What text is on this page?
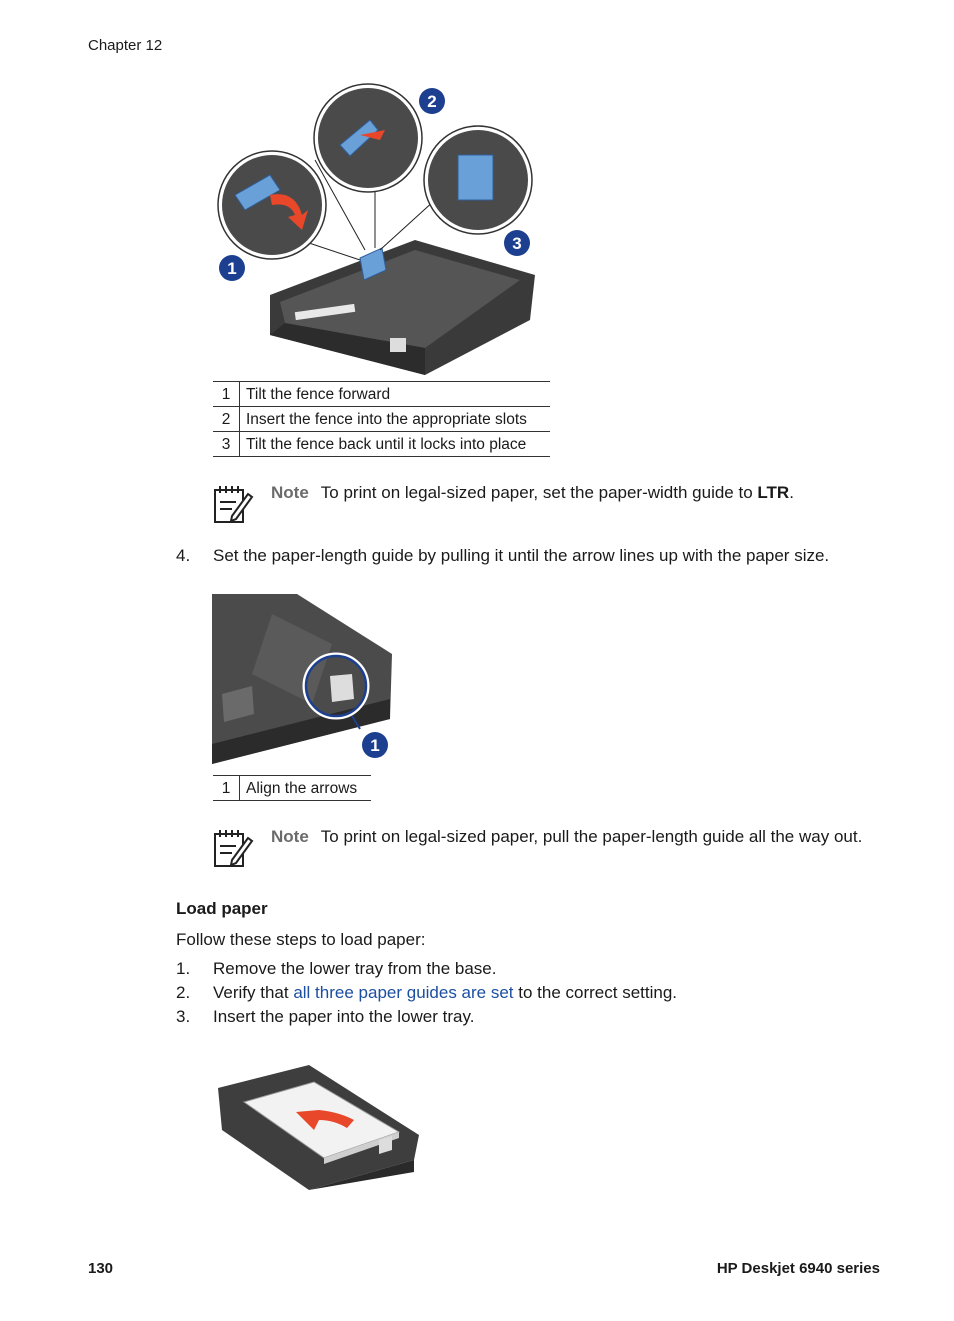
Chapter 12
1
2
3
1	Tilt the fence forward
2	Insert the fence into the appropriate slots
3	Tilt the fence back until it locks into place
Note To print on legal-sized paper, set the paper-width guide to LTR.
4. Set the paper-length guide by pulling it until the arrow lines up with the paper size.
1
1	Align the arrows
Note To print on legal-sized paper, pull the paper-length guide all the way out.
Load paper
Follow these steps to load paper:
1. Remove the lower tray from the base.
2. Verify that all three paper guides are set to the correct setting.
3. Insert the paper into the lower tray.
130	HP Deskjet 6940 series
